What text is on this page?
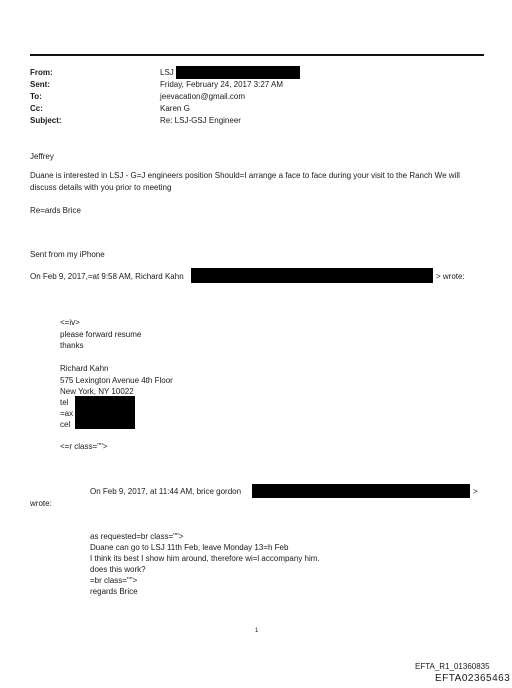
From:
Sent:
To:
Cc:
Subject:
LSJ
Friday, February 24, 2017 3:27 AM
jeevacation@gmail.com
Karen G
Re: LSJ-GSJ Engineer
Jeffrey
Duane is interested in LSJ - G=J engineers position Should=I arrange a face to face during your visit to the Ranch We will
discuss details with you prior to meeting
Re=ards Brice
Sent from my iPhone
On Feb 9, 2017,=at 9:58 AM, Richard Kahn	> wrote:
<=iv>
please forward resume
thanks
Richard Kahn
575 Lexington Avenue 4th Floor
New York, NY 10022
tel
=ax
cel
<=r class="">
On Feb 9, 2017, at 11:44 AM, brice gordon	>
wrote:
as requested=br class="">
Duane can go to LSJ 11th Feb, leave Monday 13=h Feb
I think its best I show him around, therefore wi=l accompany him.
does this work?
=br class="">
regards Brice
1
EFTA_R1_01360835
EFTA02365463
